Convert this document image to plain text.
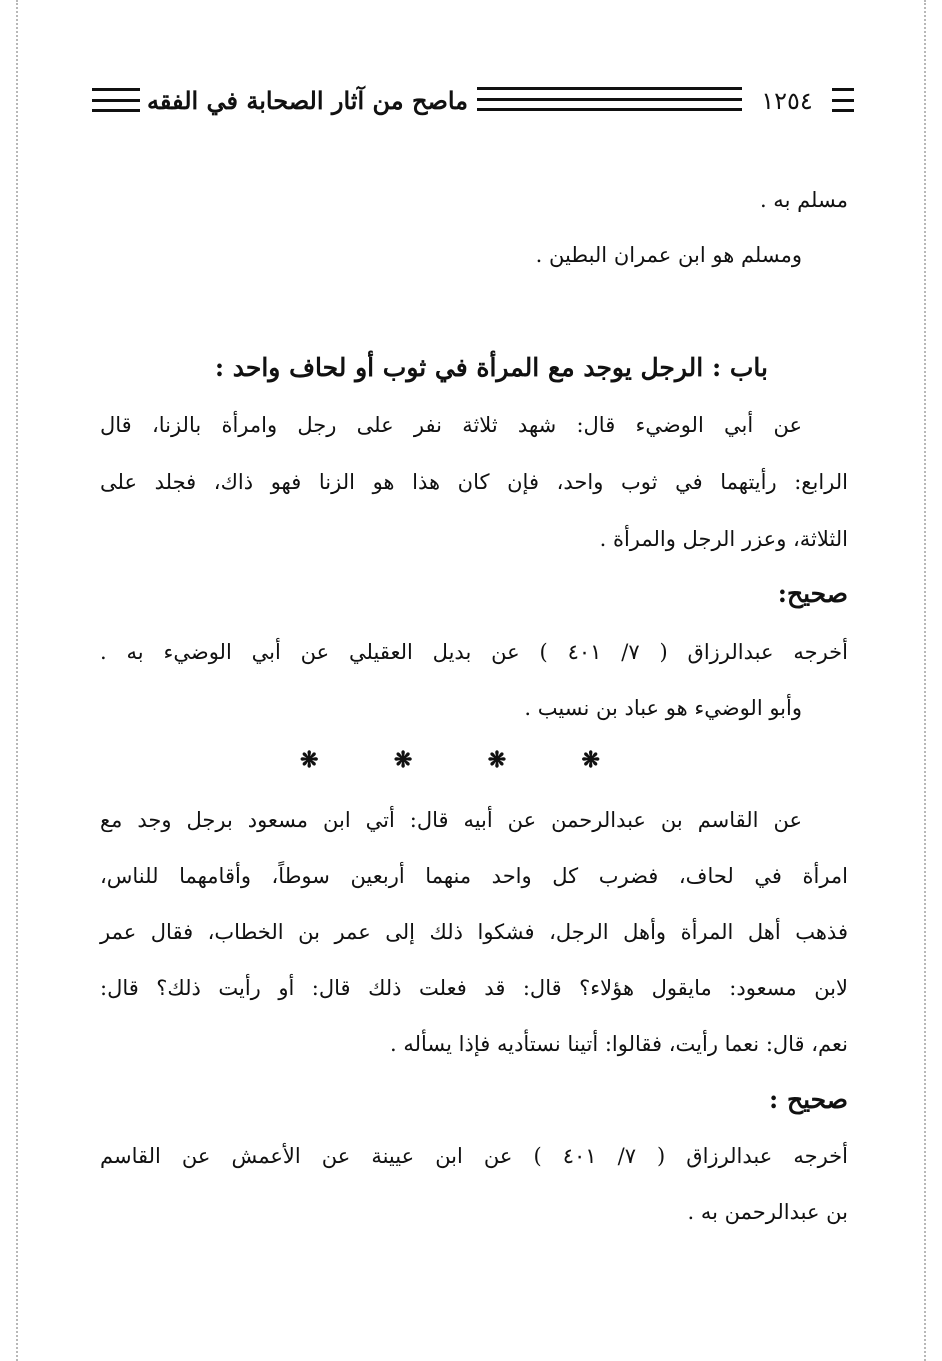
ماصح من آثار الصحابة في الفقه	١٢٥٤
مسلم به .
ومسلم هو ابن عمران البطين .
باب : الرجل يوجد مع المرأة في ثوب أو لحاف واحد :
عن أبي الوضيء قال: شهد ثلاثة نفر على رجل وامرأة بالزنا، قال
الرابع: رأيتهما في ثوب واحد، فإن كان هذا هو الزنا فهو ذاك، فجلد على
الثلاثة، وعزر الرجل والمرأة .
صحيح:
أخرجه عبدالرزاق ( ٧/ ٤٠١ ) عن بديل العقيلي عن أبي الوضيء به .
وأبو الوضيء هو عباد بن نسيب .
عن القاسم بن عبدالرحمن عن أبيه قال: أتي ابن مسعود برجل وجد مع
امرأة في لحاف، فضرب كل واحد منهما أربعين سوطاً، وأقامهما للناس،
فذهب أهل المرأة وأهل الرجل، فشكوا ذلك إلى عمر بن الخطاب، فقال عمر
لابن مسعود: مايقول هؤلاء؟ قال: قد فعلت ذلك قال: أو رأيت ذلك؟ قال:
نعم، قال: نعما رأيت، فقالوا: أتينا نستأديه فإذا يسأله .
صحيح :
أخرجه عبدالرزاق ( ٧/ ٤٠١ ) عن ابن عيينة عن الأعمش عن القاسم
بن عبدالرحمن به .
❋	❋	❋	❋
